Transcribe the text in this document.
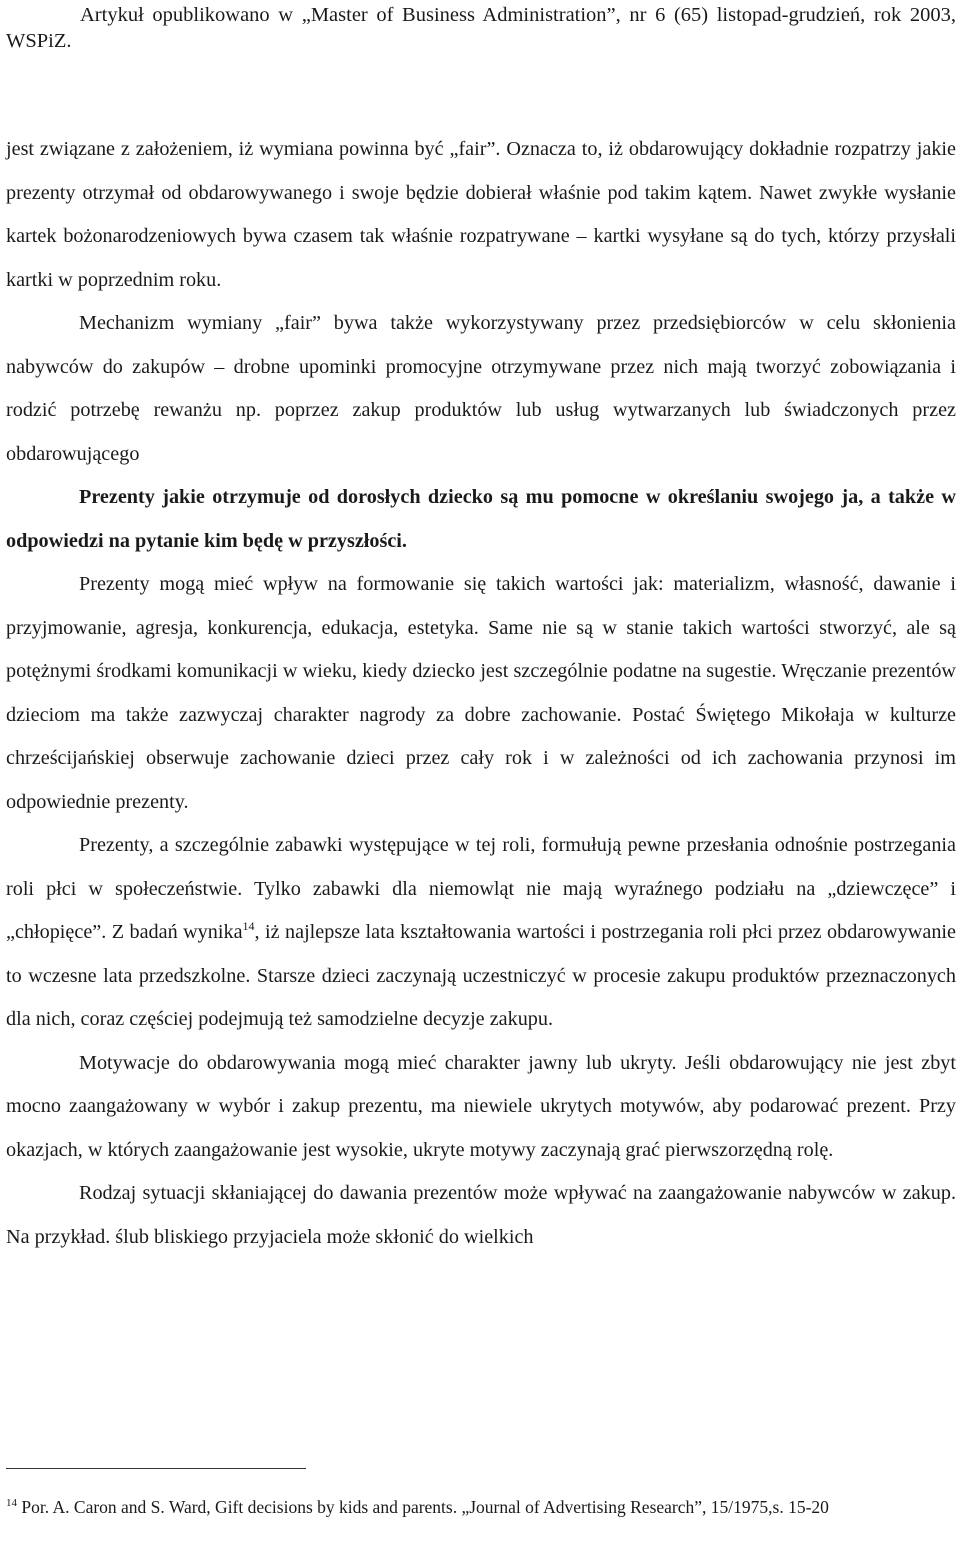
Artykuł opublikowano w „Master of Business Administration”, nr 6 (65) listopad-grudzień, rok 2003, WSPiZ.

jest związane z założeniem, iż wymiana powinna być „fair”. Oznacza to, iż obdarowujący dokładnie rozpatrzy jakie prezenty otrzymał od obdarowywanego i swoje będzie dobierał właśnie pod takim kątem. Nawet zwykłe wysłanie kartek bożonarodzeniowych bywa czasem tak właśnie rozpatrywane – kartki wysyłane są do tych, którzy przysłali kartki w poprzednim roku.

Mechanizm wymiany „fair” bywa także wykorzystywany przez przedsiębiorców w celu skłonienia nabywców do zakupów – drobne upominki promocyjne otrzymywane przez nich mają tworzyć zobowiązania i rodzić potrzebę rewanżu np. poprzez zakup produktów lub usług wytwarzanych lub świadczonych przez obdarowującego

Prezenty jakie otrzymuje od dorosłych dziecko są mu pomocne w określaniu swojego ja, a także w odpowiedzi na pytanie kim będę w przyszłości.

Prezenty mogą mieć wpływ na formowanie się takich wartości jak: materializm, własność, dawanie i przyjmowanie, agresja, konkurencja, edukacja, estetyka. Same nie są w stanie takich wartości stworzyć, ale są potężnymi środkami komunikacji w wieku, kiedy dziecko jest szczególnie podatne na sugestie. Wręczanie prezentów dzieciom ma także zazwyczaj charakter nagrody za dobre zachowanie. Postać Świętego Mikołaja w kulturze chrześcijańskiej obserwuje zachowanie dzieci przez cały rok i w zależności od ich zachowania przynosi im odpowiednie prezenty.

Prezenty, a szczególnie zabawki występujące w tej roli, formułują pewne przesłania odnośnie postrzegania roli płci w społeczeństwie. Tylko zabawki dla niemowląt nie mają wyraźnego podziału na „dziewczęce” i „chłopięce”. Z badań wynika$^{14}$, iż najlepsze lata kształtowania wartości i postrzegania roli płci przez obdarowywanie to wczesne lata przedszkolne. Starsze dzieci zaczynają uczestniczyć w procesie zakupu produktów przeznaczonych dla nich, coraz częściej podejmują też samodzielne decyzje zakupu.

Motywacje do obdarowywania mogą mieć charakter jawny lub ukryty. Jeśli obdarowujący nie jest zbyt mocno zaangażowany w wybór i zakup prezentu, ma niewiele ukrytych motywów, aby podarować prezent. Przy okazjach, w których zaangażowanie jest wysokie, ukryte motywy zaczynają grać pierwszorzędną rolę.

Rodzaj sytuacji skłaniającej do dawania prezentów może wpływać na zaangażowanie nabywców w zakup. Na przykład. ślub bliskiego przyjaciela może skłonić do wielkich

$^{14}$ Por. A. Caron and S. Ward, Gift decisions by kids and parents. „Journal of Advertising Research”, 15/1975,s. 15-20
